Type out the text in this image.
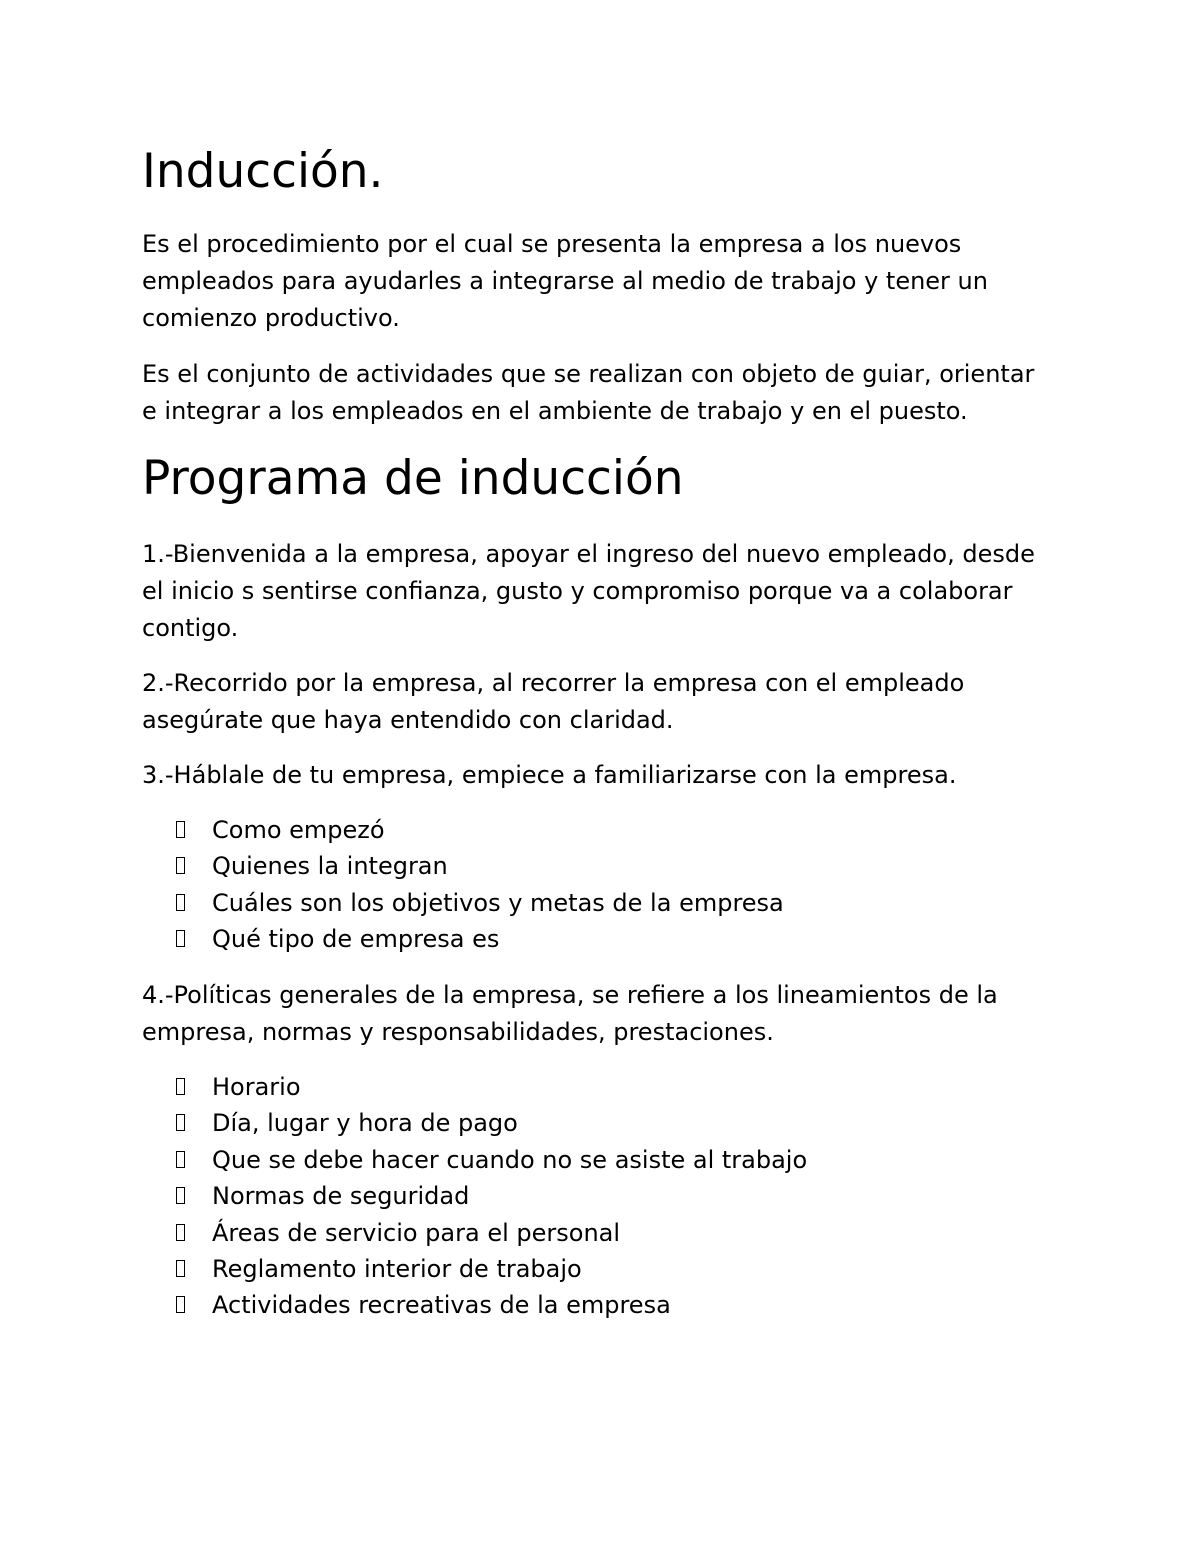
Inducción.

Es el procedimiento por el cual se presenta la empresa a los nuevos
empleados para ayudarles a integrarse al medio de trabajo y tener un
comienzo productivo.

Es el conjunto de actividades que se realizan con objeto de guiar, orientar
e integrar a los empleados en el ambiente de trabajo y en el puesto.

Programa de inducción

1.-Bienvenida a la empresa, apoyar el ingreso del nuevo empleado, desde
el inicio s sentirse confianza, gusto y compromiso porque va a colaborar
contigo.

2.-Recorrido por la empresa, al recorrer la empresa con el empleado
asegúrate que haya entendido con claridad.

3.-Háblale de tu empresa, empiece a familiarizarse con la empresa.

Como empezó
Quienes la integran
Cuáles son los objetivos y metas de la empresa
Qué tipo de empresa es

4.-Políticas generales de la empresa, se refiere a los lineamientos de la
empresa, normas y responsabilidades, prestaciones.

Horario
Día, lugar y hora de pago
Que se debe hacer cuando no se asiste al trabajo
Normas de seguridad
Áreas de servicio para el personal
Reglamento interior de trabajo
Actividades recreativas de la empresa
